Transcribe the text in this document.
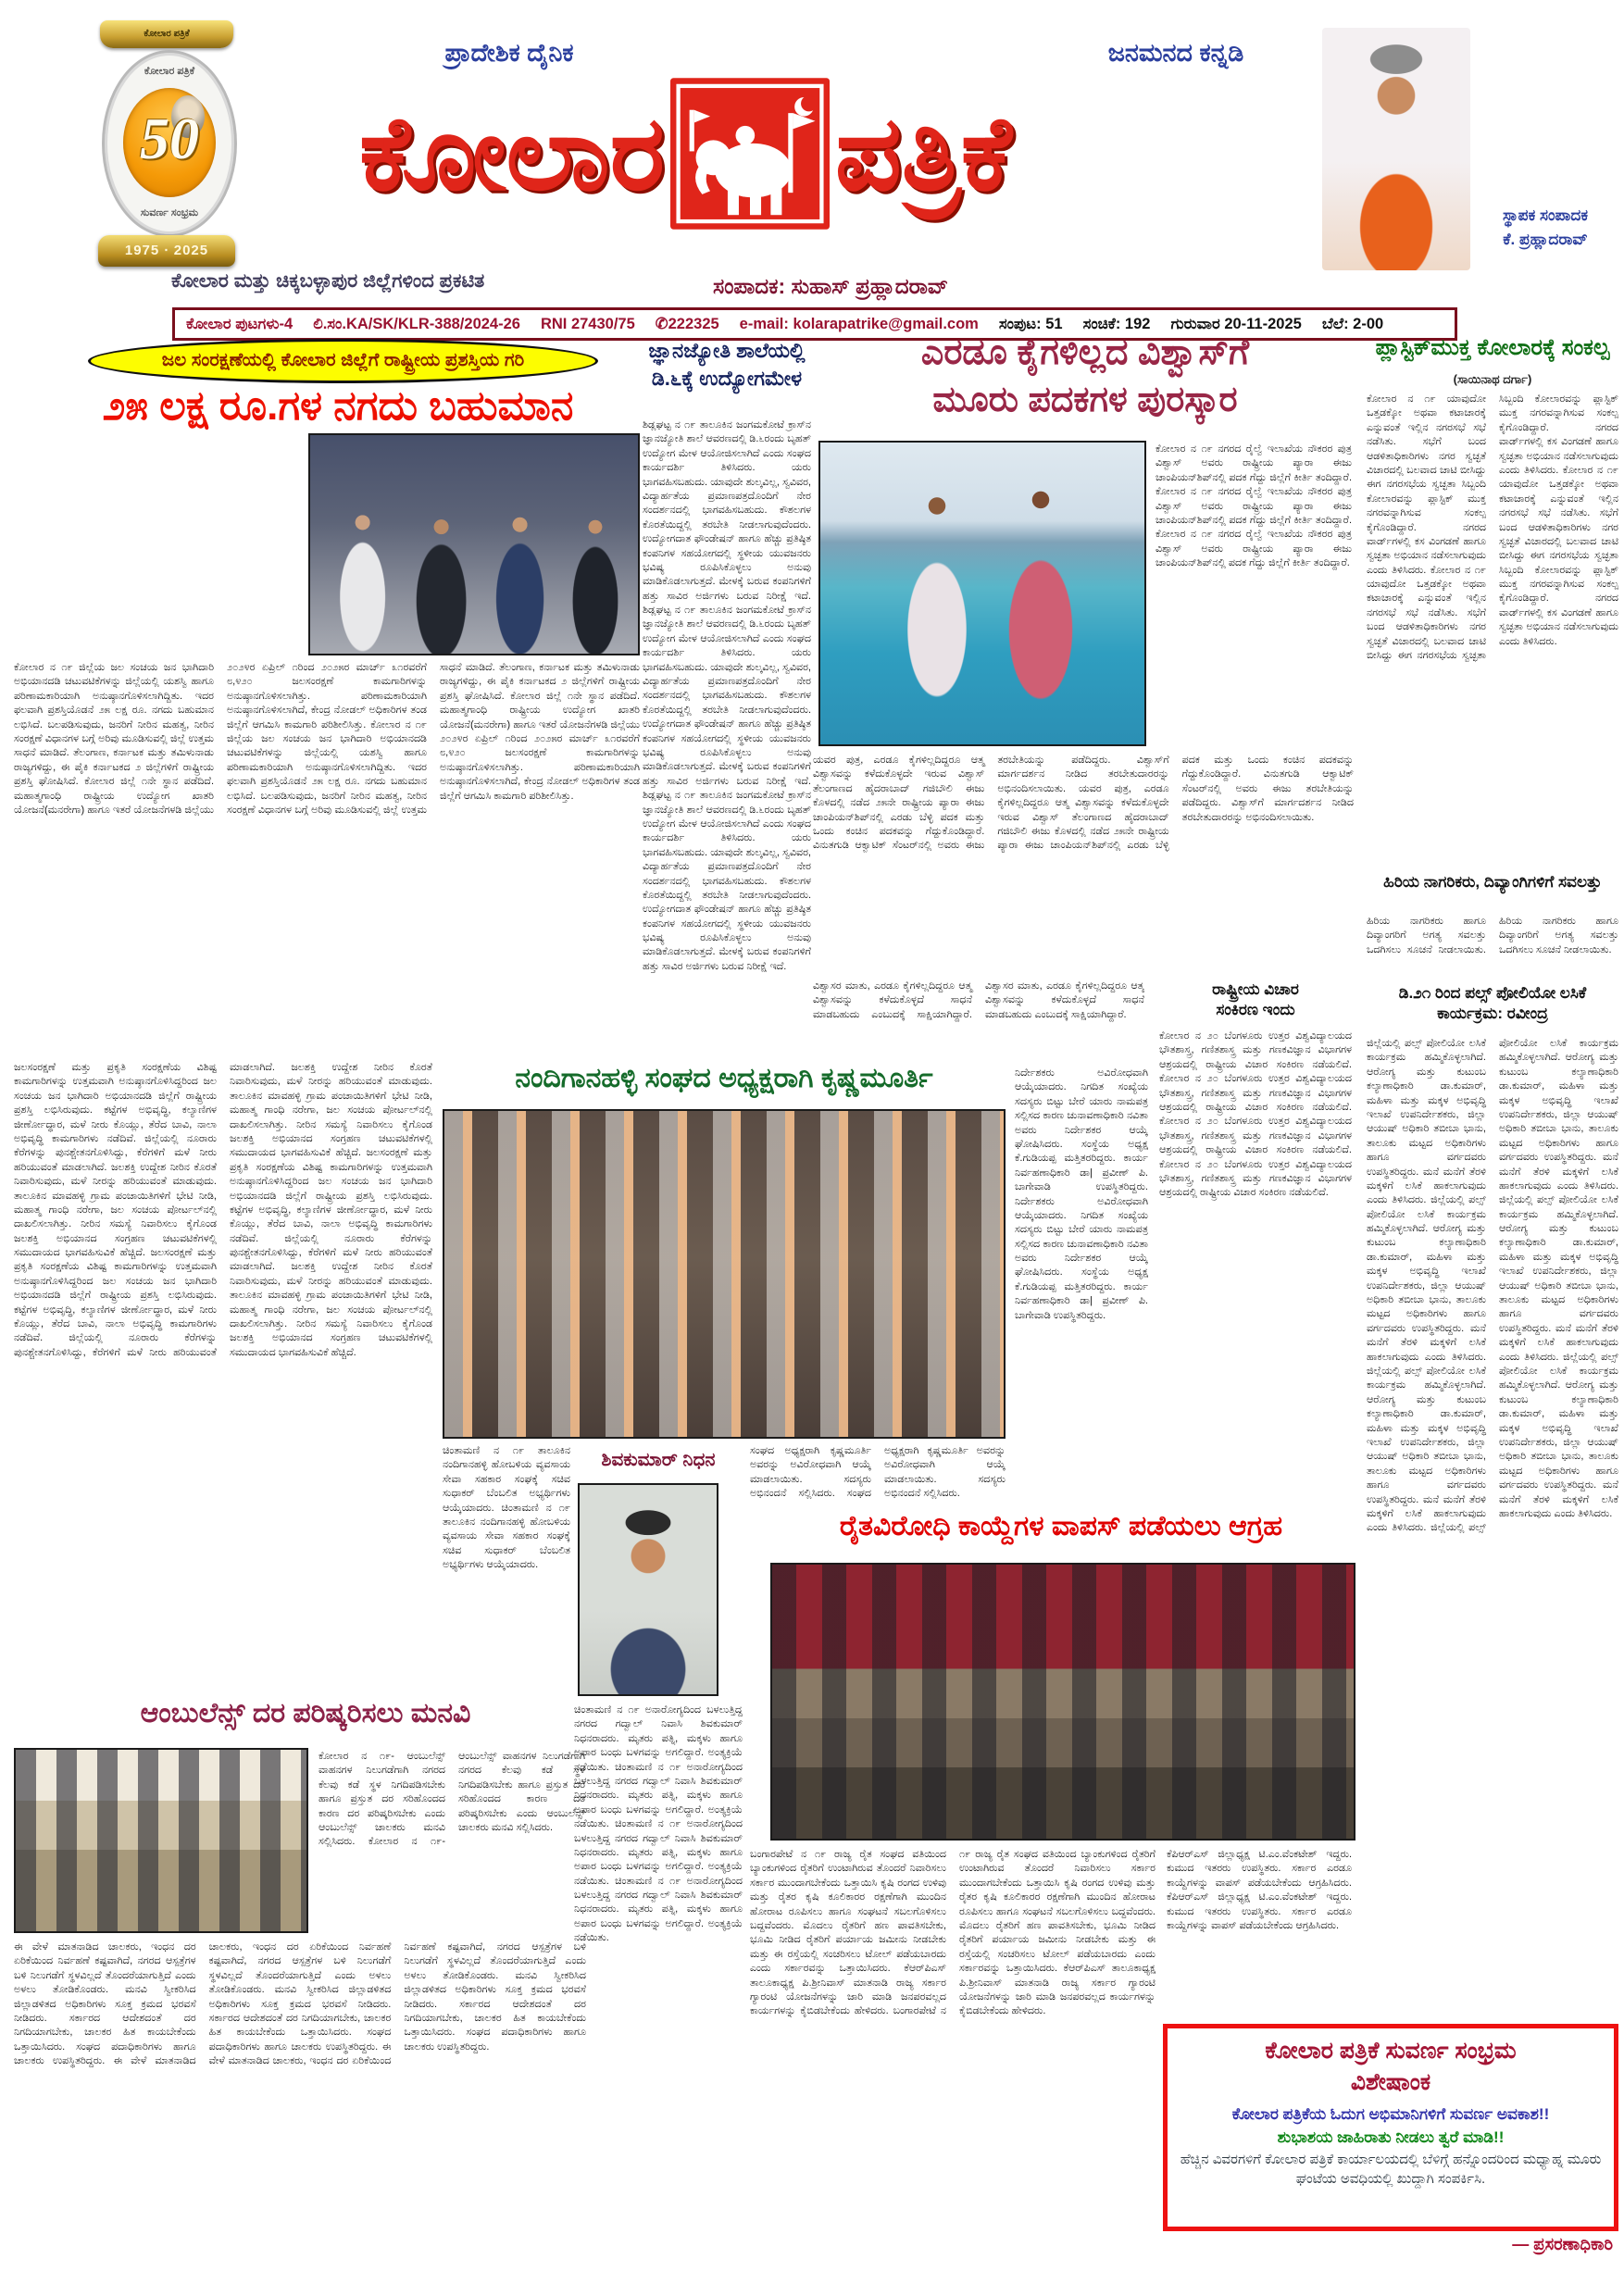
ಕೋಲಾರ ಪತ್ರಿಕೆ
ಕೋಲಾರ ಪತ್ರಿಕೆ
50
ಸುವರ್ಣ ಸಂಭ್ರಮ
1975 ∙ 2025
ಪ್ರಾದೇಶಿಕ ದೈನಿಕ	ಜನಮನದ ಕನ್ನಡಿ
ಕೋಲಾರ ಪತ್ರಿಕೆ
ಸ್ಥಾಪಕ ಸಂಪಾದಕ
ಕೆ. ಪ್ರಹ್ಲಾದರಾವ್
ಕೋಲಾರ ಮತ್ತು ಚಿಕ್ಕಬಳ್ಳಾಪುರ ಜಿಲ್ಲೆಗಳಿಂದ ಪ್ರಕಟಿತ	ಸಂಪಾದಕ: ಸುಹಾಸ್ ಪ್ರಹ್ಲಾದರಾವ್
ಕೋಲಾರ ಪುಟಗಳು-4 ಲಿ.ಸಂ.KA/SK/KLR-388/2024-26 RNI 27430/75 ✆222325 e-mail: kolarapatrike@gmail.com ಸಂಪುಟ: 51 ಸಂಚಿಕೆ: 192 ಗುರುವಾರ 20-11-2025 ಬೆಲೆ: 2-00
ಜಲ ಸಂರಕ್ಷಣೆಯಲ್ಲಿ ಕೋಲಾರ ಜಿಲ್ಲೆಗೆ ರಾಷ್ಟ್ರೀಯ ಪ್ರಶಸ್ತಿಯ ಗರಿ
೨೫ ಲಕ್ಷ ರೂ.ಗಳ ನಗದು ಬಹುಮಾನ
ಕೋಲಾರ ನ ೧೯ ಜಿಲ್ಲೆಯ ಜಲ ಸಂಚಯ ಜನ ಭಾಗಿದಾರಿ ಅಭಿಯಾನದಡಿ ಚಟುವಟಿಕೆಗಳನ್ನು ಜಿಲ್ಲೆಯಲ್ಲಿ ಯಶಸ್ವಿ ಹಾಗೂ ಪರಿಣಾಮಕಾರಿಯಾಗಿ ಅನುಷ್ಠಾನಗೊಳಿಸಲಾಗಿದ್ದಿತು. ಇದರ ಫಲವಾಗಿ ಪ್ರಶಸ್ತಿಯೊಡನೆ ೨೫ ಲಕ್ಷ ರೂ. ನಗದು ಬಹುಮಾನ ಲಭಿಸಿದೆ. ಬಲಪಡಿಸುವುದು, ಜನರಿಗೆ ನೀರಿನ ಮಹತ್ವ, ನೀರಿನ ಸಂರಕ್ಷಣೆ ವಿಧಾನಗಳ ಬಗ್ಗೆ ಅರಿವು ಮೂಡಿಸುವಲ್ಲಿ ಜಿಲ್ಲೆ ಉತ್ತಮ ಸಾಧನೆ ಮಾಡಿದೆ. ತೆಲಂಗಾಣ, ಕರ್ನಾಟಕ ಮತ್ತು ತಮಿಳುನಾಡು ರಾಜ್ಯಗಳಿದ್ದು, ಈ ಪೈಕಿ ಕರ್ನಾಟಕದ ೨ ಜಿಲ್ಲೆಗಳಿಗೆ ರಾಷ್ಟ್ರೀಯ ಪ್ರಶಸ್ತಿ ಘೋಷಿಸಿದೆ. ಕೋಲಾರ ಜಿಲ್ಲೆ ೧ನೇ ಸ್ಥಾನ ಪಡೆದಿದೆ. ಮಹಾತ್ಮಗಾಂಧಿ ರಾಷ್ಟ್ರೀಯ ಉದ್ಯೋಗ ಖಾತರಿ ಯೋಜನೆ(ಮನರೇಗಾ) ಹಾಗೂ ಇತರೆ ಯೋಜನೆಗಳಡಿ ಜಿಲ್ಲೆಯು ೨೦೨೪ರ ಏಪ್ರಿಲ್ ೧ರಿಂದ ೨೦೨೫ರ ಮಾರ್ಚ್ ೩೧ರವರೆಗೆ ೮,೪೨೦ ಜಲಸಂರಕ್ಷಣೆ ಕಾಮಗಾರಿಗಳನ್ನು ಅನುಷ್ಠಾನಗೊಳಿಸಲಾಗಿತ್ತು. ಪರಿಣಾಮಕಾರಿಯಾಗಿ ಅನುಷ್ಠಾನಗೊಳಿಸಲಾಗಿದೆ, ಕೇಂದ್ರ ನೋಡಲ್ ಅಧಿಕಾರಿಗಳ ತಂಡ ಜಿಲ್ಲೆಗೆ ಆಗಮಿಸಿ ಕಾಮಗಾರಿ ಪರಿಶೀಲಿಸಿತ್ತು. ಕೋಲಾರ ನ ೧೯ ಜಿಲ್ಲೆಯ ಜಲ ಸಂಚಯ ಜನ ಭಾಗಿದಾರಿ ಅಭಿಯಾನದಡಿ ಚಟುವಟಿಕೆಗಳನ್ನು ಜಿಲ್ಲೆಯಲ್ಲಿ ಯಶಸ್ವಿ ಹಾಗೂ ಪರಿಣಾಮಕಾರಿಯಾಗಿ ಅನುಷ್ಠಾನಗೊಳಿಸಲಾಗಿದ್ದಿತು. ಇದರ ಫಲವಾಗಿ ಪ್ರಶಸ್ತಿಯೊಡನೆ ೨೫ ಲಕ್ಷ ರೂ. ನಗದು ಬಹುಮಾನ ಲಭಿಸಿದೆ. ಬಲಪಡಿಸುವುದು, ಜನರಿಗೆ ನೀರಿನ ಮಹತ್ವ, ನೀರಿನ ಸಂರಕ್ಷಣೆ ವಿಧಾನಗಳ ಬಗ್ಗೆ ಅರಿವು ಮೂಡಿಸುವಲ್ಲಿ ಜಿಲ್ಲೆ ಉತ್ತಮ ಸಾಧನೆ ಮಾಡಿದೆ. ತೆಲಂಗಾಣ, ಕರ್ನಾಟಕ ಮತ್ತು ತಮಿಳುನಾಡು ರಾಜ್ಯಗಳಿದ್ದು, ಈ ಪೈಕಿ ಕರ್ನಾಟಕದ ೨ ಜಿಲ್ಲೆಗಳಿಗೆ ರಾಷ್ಟ್ರೀಯ ಪ್ರಶಸ್ತಿ ಘೋಷಿಸಿದೆ. ಕೋಲಾರ ಜಿಲ್ಲೆ ೧ನೇ ಸ್ಥಾನ ಪಡೆದಿದೆ. ಮಹಾತ್ಮಗಾಂಧಿ ರಾಷ್ಟ್ರೀಯ ಉದ್ಯೋಗ ಖಾತರಿ ಯೋಜನೆ(ಮನರೇಗಾ) ಹಾಗೂ ಇತರೆ ಯೋಜನೆಗಳಡಿ ಜಿಲ್ಲೆಯು ೨೦೨೪ರ ಏಪ್ರಿಲ್ ೧ರಿಂದ ೨೦೨೫ರ ಮಾರ್ಚ್ ೩೧ರವರೆಗೆ ೮,೪೨೦ ಜಲಸಂರಕ್ಷಣೆ ಕಾಮಗಾರಿಗಳನ್ನು ಅನುಷ್ಠಾನಗೊಳಿಸಲಾಗಿತ್ತು. ಪರಿಣಾಮಕಾರಿಯಾಗಿ ಅನುಷ್ಠಾನಗೊಳಿಸಲಾಗಿದೆ, ಕೇಂದ್ರ ನೋಡಲ್ ಅಧಿಕಾರಿಗಳ ತಂಡ ಜಿಲ್ಲೆಗೆ ಆಗಮಿಸಿ ಕಾಮಗಾರಿ ಪರಿಶೀಲಿಸಿತ್ತು.
ಜಲಸಂರಕ್ಷಣೆ ಮತ್ತು ಪ್ರಕೃತಿ ಸಂರಕ್ಷಣೆಯ ವಿಶಿಷ್ಟ ಕಾಮಗಾರಿಗಳನ್ನು ಉತ್ತಮವಾಗಿ ಅನುಷ್ಠಾನಗೊಳಿಸಿದ್ದರಿಂದ ಜಲ ಸಂಚಯ ಜನ ಭಾಗಿದಾರಿ ಅಭಿಯಾನದಡಿ ಜಿಲ್ಲೆಗೆ ರಾಷ್ಟ್ರೀಯ ಪ್ರಶಸ್ತಿ ಲಭಿಸಿರುವುದು. ಕಟ್ಟೆಗಳ ಅಭಿವೃದ್ಧಿ, ಕಲ್ಯಾಣಿಗಳ ಜೀರ್ಣೋದ್ಧಾರ, ಮಳೆ ನೀರು ಕೊಯ್ಲು, ತೆರೆದ ಬಾವಿ, ನಾಲಾ ಅಭಿವೃದ್ಧಿ ಕಾಮಗಾರಿಗಳು ನಡೆದಿವೆ. ಜಿಲ್ಲೆಯಲ್ಲಿ ನೂರಾರು ಕೆರೆಗಳನ್ನು ಪುನಶ್ಚೇತನಗೊಳಿಸಿದ್ದು, ಕೆರೆಗಳಿಗೆ ಮಳೆ ನೀರು ಹರಿಯುವಂತೆ ಮಾಡಲಾಗಿದೆ. ಜಲಶಕ್ತಿ ಉದ್ದೇಶ ನೀರಿನ ಕೊರತೆ ನಿವಾರಿಸುವುದು, ಮಳೆ ನೀರನ್ನು ಹರಿಯುವಂತೆ ಮಾಡುವುದು. ತಾಲೂಕಿನ ಮಾವಹಳ್ಳಿ ಗ್ರಾಮ ಪಂಚಾಯಿತಿಗಳಿಗೆ ಭೇಟಿ ನೀಡಿ, ಮಹಾತ್ಮ ಗಾಂಧಿ ನರೇಗಾ, ಜಲ ಸಂಚಯ ಪೋರ್ಟಲ್‌ನಲ್ಲಿ ದಾಖಲಿಸಲಾಗಿತ್ತು. ನೀರಿನ ಸಮಸ್ಯೆ ನಿವಾರಿಸಲು ಕೈಗೊಂಡ ಜಲಶಕ್ತಿ ಅಭಿಯಾನದ ಸಂಗ್ರಹಣ ಚಟುವಟಿಕೆಗಳಲ್ಲಿ ಸಮುದಾಯದ ಭಾಗವಹಿಸುವಿಕೆ ಹೆಚ್ಚಿದೆ. ಜಲಸಂರಕ್ಷಣೆ ಮತ್ತು ಪ್ರಕೃತಿ ಸಂರಕ್ಷಣೆಯ ವಿಶಿಷ್ಟ ಕಾಮಗಾರಿಗಳನ್ನು ಉತ್ತಮವಾಗಿ ಅನುಷ್ಠಾನಗೊಳಿಸಿದ್ದರಿಂದ ಜಲ ಸಂಚಯ ಜನ ಭಾಗಿದಾರಿ ಅಭಿಯಾನದಡಿ ಜಿಲ್ಲೆಗೆ ರಾಷ್ಟ್ರೀಯ ಪ್ರಶಸ್ತಿ ಲಭಿಸಿರುವುದು. ಕಟ್ಟೆಗಳ ಅಭಿವೃದ್ಧಿ, ಕಲ್ಯಾಣಿಗಳ ಜೀರ್ಣೋದ್ಧಾರ, ಮಳೆ ನೀರು ಕೊಯ್ಲು, ತೆರೆದ ಬಾವಿ, ನಾಲಾ ಅಭಿವೃದ್ಧಿ ಕಾಮಗಾರಿಗಳು ನಡೆದಿವೆ. ಜಿಲ್ಲೆಯಲ್ಲಿ ನೂರಾರು ಕೆರೆಗಳನ್ನು ಪುನಶ್ಚೇತನಗೊಳಿಸಿದ್ದು, ಕೆರೆಗಳಿಗೆ ಮಳೆ ನೀರು ಹರಿಯುವಂತೆ ಮಾಡಲಾಗಿದೆ. ಜಲಶಕ್ತಿ ಉದ್ದೇಶ ನೀರಿನ ಕೊರತೆ ನಿವಾರಿಸುವುದು, ಮಳೆ ನೀರನ್ನು ಹರಿಯುವಂತೆ ಮಾಡುವುದು. ತಾಲೂಕಿನ ಮಾವಹಳ್ಳಿ ಗ್ರಾಮ ಪಂಚಾಯಿತಿಗಳಿಗೆ ಭೇಟಿ ನೀಡಿ, ಮಹಾತ್ಮ ಗಾಂಧಿ ನರೇಗಾ, ಜಲ ಸಂಚಯ ಪೋರ್ಟಲ್‌ನಲ್ಲಿ ದಾಖಲಿಸಲಾಗಿತ್ತು. ನೀರಿನ ಸಮಸ್ಯೆ ನಿವಾರಿಸಲು ಕೈಗೊಂಡ ಜಲಶಕ್ತಿ ಅಭಿಯಾನದ ಸಂಗ್ರಹಣ ಚಟುವಟಿಕೆಗಳಲ್ಲಿ ಸಮುದಾಯದ ಭಾಗವಹಿಸುವಿಕೆ ಹೆಚ್ಚಿದೆ. ಜಲಸಂರಕ್ಷಣೆ ಮತ್ತು ಪ್ರಕೃತಿ ಸಂರಕ್ಷಣೆಯ ವಿಶಿಷ್ಟ ಕಾಮಗಾರಿಗಳನ್ನು ಉತ್ತಮವಾಗಿ ಅನುಷ್ಠಾನಗೊಳಿಸಿದ್ದರಿಂದ ಜಲ ಸಂಚಯ ಜನ ಭಾಗಿದಾರಿ ಅಭಿಯಾನದಡಿ ಜಿಲ್ಲೆಗೆ ರಾಷ್ಟ್ರೀಯ ಪ್ರಶಸ್ತಿ ಲಭಿಸಿರುವುದು. ಕಟ್ಟೆಗಳ ಅಭಿವೃದ್ಧಿ, ಕಲ್ಯಾಣಿಗಳ ಜೀರ್ಣೋದ್ಧಾರ, ಮಳೆ ನೀರು ಕೊಯ್ಲು, ತೆರೆದ ಬಾವಿ, ನಾಲಾ ಅಭಿವೃದ್ಧಿ ಕಾಮಗಾರಿಗಳು ನಡೆದಿವೆ. ಜಿಲ್ಲೆಯಲ್ಲಿ ನೂರಾರು ಕೆರೆಗಳನ್ನು ಪುನಶ್ಚೇತನಗೊಳಿಸಿದ್ದು, ಕೆರೆಗಳಿಗೆ ಮಳೆ ನೀರು ಹರಿಯುವಂತೆ ಮಾಡಲಾಗಿದೆ. ಜಲಶಕ್ತಿ ಉದ್ದೇಶ ನೀರಿನ ಕೊರತೆ ನಿವಾರಿಸುವುದು, ಮಳೆ ನೀರನ್ನು ಹರಿಯುವಂತೆ ಮಾಡುವುದು. ತಾಲೂಕಿನ ಮಾವಹಳ್ಳಿ ಗ್ರಾಮ ಪಂಚಾಯಿತಿಗಳಿಗೆ ಭೇಟಿ ನೀಡಿ, ಮಹಾತ್ಮ ಗಾಂಧಿ ನರೇಗಾ, ಜಲ ಸಂಚಯ ಪೋರ್ಟಲ್‌ನಲ್ಲಿ ದಾಖಲಿಸಲಾಗಿತ್ತು. ನೀರಿನ ಸಮಸ್ಯೆ ನಿವಾರಿಸಲು ಕೈಗೊಂಡ ಜಲಶಕ್ತಿ ಅಭಿಯಾನದ ಸಂಗ್ರಹಣ ಚಟುವಟಿಕೆಗಳಲ್ಲಿ ಸಮುದಾಯದ ಭಾಗವಹಿಸುವಿಕೆ ಹೆಚ್ಚಿದೆ.
ಜ್ಞಾನಜ್ಯೋತಿ ಶಾಲೆಯಲ್ಲಿ ಡಿ.೬ಕ್ಕೆ ಉದ್ಯೋಗಮೇಳ
ಶಿಡ್ಲಘಟ್ಟ ನ ೧೯ ತಾಲೂಕಿನ ಜಂಗಮಕೋಟೆ ಕ್ರಾಸ್‌ನ ಜ್ಞಾನಜ್ಯೋತಿ ಶಾಲೆ ಆವರಣದಲ್ಲಿ ಡಿ.೬ರಂದು ಬೃಹತ್ ಉದ್ಯೋಗ ಮೇಳ ಆಯೋಜಿಸಲಾಗಿದೆ ಎಂದು ಸಂಘದ ಕಾರ್ಯದರ್ಶಿ ತಿಳಿಸಿದರು. ಯರು ಭಾಗವಹಿಸಬಹುದು. ಯಾವುದೇ ಶುಲ್ಕವಿಲ್ಲ, ಸ್ವವಿವರ, ವಿದ್ಯಾರ್ಹತೆಯ ಪ್ರಮಾಣಪತ್ರದೊಂದಿಗೆ ನೇರ ಸಂದರ್ಶನದಲ್ಲಿ ಭಾಗವಹಿಸಬಹುದು. ಕೌಶಲಗಳ ಕೊರತೆಯಿದ್ದಲ್ಲಿ ತರಬೇತಿ ನೀಡಲಾಗುವುದೆಂದರು. ಉದ್ಯೋಗದಾತ ಫೌಂಡೇಷನ್ ಹಾಗೂ ಹೆಚ್ಚು ಪ್ರತಿಷ್ಠಿತ ಕಂಪನಿಗಳ ಸಹಯೋಗದಲ್ಲಿ ಸ್ಥಳೀಯ ಯುವಜನರು ಭವಿಷ್ಯ ರೂಪಿಸಿಕೊಳ್ಳಲು ಅನುವು ಮಾಡಿಕೊಡಲಾಗುತ್ತದೆ. ಮೇಳಕ್ಕೆ ಬರುವ ಕಂಪನಿಗಳಿಗೆ ಹತ್ತು ಸಾವಿರ ಅರ್ಜಿಗಳು ಬರುವ ನಿರೀಕ್ಷೆ ಇದೆ. ಶಿಡ್ಲಘಟ್ಟ ನ ೧೯ ತಾಲೂಕಿನ ಜಂಗಮಕೋಟೆ ಕ್ರಾಸ್‌ನ ಜ್ಞಾನಜ್ಯೋತಿ ಶಾಲೆ ಆವರಣದಲ್ಲಿ ಡಿ.೬ರಂದು ಬೃಹತ್ ಉದ್ಯೋಗ ಮೇಳ ಆಯೋಜಿಸಲಾಗಿದೆ ಎಂದು ಸಂಘದ ಕಾರ್ಯದರ್ಶಿ ತಿಳಿಸಿದರು. ಯರು ಭಾಗವಹಿಸಬಹುದು. ಯಾವುದೇ ಶುಲ್ಕವಿಲ್ಲ, ಸ್ವವಿವರ, ವಿದ್ಯಾರ್ಹತೆಯ ಪ್ರಮಾಣಪತ್ರದೊಂದಿಗೆ ನೇರ ಸಂದರ್ಶನದಲ್ಲಿ ಭಾಗವಹಿಸಬಹುದು. ಕೌಶಲಗಳ ಕೊರತೆಯಿದ್ದಲ್ಲಿ ತರಬೇತಿ ನೀಡಲಾಗುವುದೆಂದರು. ಉದ್ಯೋಗದಾತ ಫೌಂಡೇಷನ್ ಹಾಗೂ ಹೆಚ್ಚು ಪ್ರತಿಷ್ಠಿತ ಕಂಪನಿಗಳ ಸಹಯೋಗದಲ್ಲಿ ಸ್ಥಳೀಯ ಯುವಜನರು ಭವಿಷ್ಯ ರೂಪಿಸಿಕೊಳ್ಳಲು ಅನುವು ಮಾಡಿಕೊಡಲಾಗುತ್ತದೆ. ಮೇಳಕ್ಕೆ ಬರುವ ಕಂಪನಿಗಳಿಗೆ ಹತ್ತು ಸಾವಿರ ಅರ್ಜಿಗಳು ಬರುವ ನಿರೀಕ್ಷೆ ಇದೆ. ಶಿಡ್ಲಘಟ್ಟ ನ ೧೯ ತಾಲೂಕಿನ ಜಂಗಮಕೋಟೆ ಕ್ರಾಸ್‌ನ ಜ್ಞಾನಜ್ಯೋತಿ ಶಾಲೆ ಆವರಣದಲ್ಲಿ ಡಿ.೬ರಂದು ಬೃಹತ್ ಉದ್ಯೋಗ ಮೇಳ ಆಯೋಜಿಸಲಾಗಿದೆ ಎಂದು ಸಂಘದ ಕಾರ್ಯದರ್ಶಿ ತಿಳಿಸಿದರು. ಯರು ಭಾಗವಹಿಸಬಹುದು. ಯಾವುದೇ ಶುಲ್ಕವಿಲ್ಲ, ಸ್ವವಿವರ, ವಿದ್ಯಾರ್ಹತೆಯ ಪ್ರಮಾಣಪತ್ರದೊಂದಿಗೆ ನೇರ ಸಂದರ್ಶನದಲ್ಲಿ ಭಾಗವಹಿಸಬಹುದು. ಕೌಶಲಗಳ ಕೊರತೆಯಿದ್ದಲ್ಲಿ ತರಬೇತಿ ನೀಡಲಾಗುವುದೆಂದರು. ಉದ್ಯೋಗದಾತ ಫೌಂಡೇಷನ್ ಹಾಗೂ ಹೆಚ್ಚು ಪ್ರತಿಷ್ಠಿತ ಕಂಪನಿಗಳ ಸಹಯೋಗದಲ್ಲಿ ಸ್ಥಳೀಯ ಯುವಜನರು ಭವಿಷ್ಯ ರೂಪಿಸಿಕೊಳ್ಳಲು ಅನುವು ಮಾಡಿಕೊಡಲಾಗುತ್ತದೆ. ಮೇಳಕ್ಕೆ ಬರುವ ಕಂಪನಿಗಳಿಗೆ ಹತ್ತು ಸಾವಿರ ಅರ್ಜಿಗಳು ಬರುವ ನಿರೀಕ್ಷೆ ಇದೆ.
ಎರಡೂ ಕೈಗಳಿಲ್ಲದ ವಿಶ್ವಾಸ್‌ಗೆ
ಮೂರು ಪದಕಗಳ ಪುರಸ್ಕಾರ
ಕೋಲಾರ ನ ೧೯ ನಗರದ ರೈಲ್ವೆ ಇಲಾಖೆಯ ನೌಕರರ ಪುತ್ರ ವಿಶ್ವಾಸ್ ಅವರು ರಾಷ್ಟ್ರೀಯ ಪ್ಯಾರಾ ಈಜು ಚಾಂಪಿಯನ್‌ಶಿಪ್‌ನಲ್ಲಿ ಪದಕ ಗೆದ್ದು ಜಿಲ್ಲೆಗೆ ಕೀರ್ತಿ ತಂದಿದ್ದಾರೆ. ಕೋಲಾರ ನ ೧೯ ನಗರದ ರೈಲ್ವೆ ಇಲಾಖೆಯ ನೌಕರರ ಪುತ್ರ ವಿಶ್ವಾಸ್ ಅವರು ರಾಷ್ಟ್ರೀಯ ಪ್ಯಾರಾ ಈಜು ಚಾಂಪಿಯನ್‌ಶಿಪ್‌ನಲ್ಲಿ ಪದಕ ಗೆದ್ದು ಜಿಲ್ಲೆಗೆ ಕೀರ್ತಿ ತಂದಿದ್ದಾರೆ. ಕೋಲಾರ ನ ೧೯ ನಗರದ ರೈಲ್ವೆ ಇಲಾಖೆಯ ನೌಕರರ ಪುತ್ರ ವಿಶ್ವಾಸ್ ಅವರು ರಾಷ್ಟ್ರೀಯ ಪ್ಯಾರಾ ಈಜು ಚಾಂಪಿಯನ್‌ಶಿಪ್‌ನಲ್ಲಿ ಪದಕ ಗೆದ್ದು ಜಿಲ್ಲೆಗೆ ಕೀರ್ತಿ ತಂದಿದ್ದಾರೆ.
ಯವರ ಪುತ್ರ, ಎರಡೂ ಕೈಗಳಿಲ್ಲದಿದ್ದರೂ ಆತ್ಮ ವಿಶ್ವಾಸವನ್ನು ಕಳೆದುಕೊಳ್ಳದೇ ಇರುವ ವಿಶ್ವಾಸ್ ತೆಲಂಗಾಣದ ಹೈದರಾಬಾದ್ ಗಜಿಬೌಲಿ ಈಜು ಕೊಳದಲ್ಲಿ ನಡೆದ ೨೫ನೇ ರಾಷ್ಟ್ರೀಯ ಪ್ಯಾರಾ ಈಜು ಚಾಂಪಿಯನ್‌ಶಿಪ್‌ನಲ್ಲಿ ಎರಡು ಬೆಳ್ಳಿ ಪದಕ ಮತ್ತು ಒಂದು ಕಂಚಿನ ಪದಕವನ್ನು ಗೆದ್ದುಕೊಂಡಿದ್ದಾರೆ. ವಿನುತಗುಡಿ ಆಕ್ವಾಟಿಕ್ ಸೆಂಟರ್‌ನಲ್ಲಿ ಅವರು ಈಜು ತರಬೇತಿಯನ್ನು ಪಡೆದಿದ್ದರು. ವಿಶ್ವಾಸ್‌ಗೆ ಮಾರ್ಗದರ್ಶನ ನೀಡಿದ ತರಬೇತುದಾರರನ್ನು ಅಭಿನಂದಿಸಲಾಯಿತು. ಯವರ ಪುತ್ರ, ಎರಡೂ ಕೈಗಳಿಲ್ಲದಿದ್ದರೂ ಆತ್ಮ ವಿಶ್ವಾಸವನ್ನು ಕಳೆದುಕೊಳ್ಳದೇ ಇರುವ ವಿಶ್ವಾಸ್ ತೆಲಂಗಾಣದ ಹೈದರಾಬಾದ್ ಗಜಿಬೌಲಿ ಈಜು ಕೊಳದಲ್ಲಿ ನಡೆದ ೨೫ನೇ ರಾಷ್ಟ್ರೀಯ ಪ್ಯಾರಾ ಈಜು ಚಾಂಪಿಯನ್‌ಶಿಪ್‌ನಲ್ಲಿ ಎರಡು ಬೆಳ್ಳಿ ಪದಕ ಮತ್ತು ಒಂದು ಕಂಚಿನ ಪದಕವನ್ನು ಗೆದ್ದುಕೊಂಡಿದ್ದಾರೆ. ವಿನುತಗುಡಿ ಆಕ್ವಾಟಿಕ್ ಸೆಂಟರ್‌ನಲ್ಲಿ ಅವರು ಈಜು ತರಬೇತಿಯನ್ನು ಪಡೆದಿದ್ದರು. ವಿಶ್ವಾಸ್‌ಗೆ ಮಾರ್ಗದರ್ಶನ ನೀಡಿದ ತರಬೇತುದಾರರನ್ನು ಅಭಿನಂದಿಸಲಾಯಿತು.
ವಿಶ್ವಾಸರ ಮಾತು, ಎರಡೂ ಕೈಗಳಿಲ್ಲದಿದ್ದರೂ ಆತ್ಮ ವಿಶ್ವಾಸವನ್ನು ಕಳೆದುಕೊಳ್ಳದೆ ಸಾಧನೆ ಮಾಡಬಹುದು ಎಂಬುದಕ್ಕೆ ಸಾಕ್ಷಿಯಾಗಿದ್ದಾರೆ. ವಿಶ್ವಾಸರ ಮಾತು, ಎರಡೂ ಕೈಗಳಿಲ್ಲದಿದ್ದರೂ ಆತ್ಮ ವಿಶ್ವಾಸವನ್ನು ಕಳೆದುಕೊಳ್ಳದೆ ಸಾಧನೆ ಮಾಡಬಹುದು ಎಂಬುದಕ್ಕೆ ಸಾಕ್ಷಿಯಾಗಿದ್ದಾರೆ.
ರಾಷ್ಟ್ರೀಯ ವಿಚಾರ
ಸಂಕಿರಣ ಇಂದು
ಕೋಲಾರ ನ ೨೦ ಬೆಂಗಳೂರು ಉತ್ತರ ವಿಶ್ವವಿದ್ಯಾಲಯದ ಭೌತಶಾಸ್ತ್ರ, ಗಣಿತಶಾಸ್ತ್ರ ಮತ್ತು ಗಣಕವಿಜ್ಞಾನ ವಿಭಾಗಗಳ ಆಶ್ರಯದಲ್ಲಿ ರಾಷ್ಟ್ರೀಯ ವಿಚಾರ ಸಂಕಿರಣ ನಡೆಯಲಿದೆ. ಕೋಲಾರ ನ ೨೦ ಬೆಂಗಳೂರು ಉತ್ತರ ವಿಶ್ವವಿದ್ಯಾಲಯದ ಭೌತಶಾಸ್ತ್ರ, ಗಣಿತಶಾಸ್ತ್ರ ಮತ್ತು ಗಣಕವಿಜ್ಞಾನ ವಿಭಾಗಗಳ ಆಶ್ರಯದಲ್ಲಿ ರಾಷ್ಟ್ರೀಯ ವಿಚಾರ ಸಂಕಿರಣ ನಡೆಯಲಿದೆ. ಕೋಲಾರ ನ ೨೦ ಬೆಂಗಳೂರು ಉತ್ತರ ವಿಶ್ವವಿದ್ಯಾಲಯದ ಭೌತಶಾಸ್ತ್ರ, ಗಣಿತಶಾಸ್ತ್ರ ಮತ್ತು ಗಣಕವಿಜ್ಞಾನ ವಿಭಾಗಗಳ ಆಶ್ರಯದಲ್ಲಿ ರಾಷ್ಟ್ರೀಯ ವಿಚಾರ ಸಂಕಿರಣ ನಡೆಯಲಿದೆ. ಕೋಲಾರ ನ ೨೦ ಬೆಂಗಳೂರು ಉತ್ತರ ವಿಶ್ವವಿದ್ಯಾಲಯದ ಭೌತಶಾಸ್ತ್ರ, ಗಣಿತಶಾಸ್ತ್ರ ಮತ್ತು ಗಣಕವಿಜ್ಞಾನ ವಿಭಾಗಗಳ ಆಶ್ರಯದಲ್ಲಿ ರಾಷ್ಟ್ರೀಯ ವಿಚಾರ ಸಂಕಿರಣ ನಡೆಯಲಿದೆ.
ಪ್ಲಾಸ್ಟಿಕ್‌ಮುಕ್ತ ಕೋಲಾರಕ್ಕೆ ಸಂಕಲ್ಪ
(ಸಾಯಿನಾಥ ದರ್ಗಾ)
ಕೋಲಾರ ನ ೧೯ ಯಾವುದೋ ಒತ್ತಡಕ್ಕೋ ಅಥವಾ ಕಟಾಚಾರಕ್ಕೆ ಎನ್ನುವಂತೆ ಇಲ್ಲಿನ ನಗರಸಭೆ ಸಭೆ ನಡೆಸಿತು. ಸಭೆಗೆ ಬಂದ ಆಡಳಿತಾಧಿಕಾರಿಗಳು ನಗರ ಸ್ವಚ್ಛತೆ ವಿಚಾರದಲ್ಲಿ ಬಲವಾದ ಚಾಟಿ ಬೀಸಿದ್ದು ಈಗ ನಗರಸಭೆಯ ಸ್ವಚ್ಛತಾ ಸಿಬ್ಬಂದಿ ಕೋಲಾರವನ್ನು ಪ್ಲಾಸ್ಟಿಕ್ ಮುಕ್ತ ನಗರವನ್ನಾಗಿಸುವ ಸಂಕಲ್ಪ ಕೈಗೊಂಡಿದ್ದಾರೆ. ನಗರದ ವಾರ್ಡ್‌ಗಳಲ್ಲಿ ಕಸ ವಿಂಗಡಣೆ ಹಾಗೂ ಸ್ವಚ್ಛತಾ ಅಭಿಯಾನ ನಡೆಸಲಾಗುವುದು ಎಂದು ತಿಳಿಸಿದರು. ಕೋಲಾರ ನ ೧೯ ಯಾವುದೋ ಒತ್ತಡಕ್ಕೋ ಅಥವಾ ಕಟಾಚಾರಕ್ಕೆ ಎನ್ನುವಂತೆ ಇಲ್ಲಿನ ನಗರಸಭೆ ಸಭೆ ನಡೆಸಿತು. ಸಭೆಗೆ ಬಂದ ಆಡಳಿತಾಧಿಕಾರಿಗಳು ನಗರ ಸ್ವಚ್ಛತೆ ವಿಚಾರದಲ್ಲಿ ಬಲವಾದ ಚಾಟಿ ಬೀಸಿದ್ದು ಈಗ ನಗರಸಭೆಯ ಸ್ವಚ್ಛತಾ ಸಿಬ್ಬಂದಿ ಕೋಲಾರವನ್ನು ಪ್ಲಾಸ್ಟಿಕ್ ಮುಕ್ತ ನಗರವನ್ನಾಗಿಸುವ ಸಂಕಲ್ಪ ಕೈಗೊಂಡಿದ್ದಾರೆ. ನಗರದ ವಾರ್ಡ್‌ಗಳಲ್ಲಿ ಕಸ ವಿಂಗಡಣೆ ಹಾಗೂ ಸ್ವಚ್ಛತಾ ಅಭಿಯಾನ ನಡೆಸಲಾಗುವುದು ಎಂದು ತಿಳಿಸಿದರು. ಕೋಲಾರ ನ ೧೯ ಯಾವುದೋ ಒತ್ತಡಕ್ಕೋ ಅಥವಾ ಕಟಾಚಾರಕ್ಕೆ ಎನ್ನುವಂತೆ ಇಲ್ಲಿನ ನಗರಸಭೆ ಸಭೆ ನಡೆಸಿತು. ಸಭೆಗೆ ಬಂದ ಆಡಳಿತಾಧಿಕಾರಿಗಳು ನಗರ ಸ್ವಚ್ಛತೆ ವಿಚಾರದಲ್ಲಿ ಬಲವಾದ ಚಾಟಿ ಬೀಸಿದ್ದು ಈಗ ನಗರಸಭೆಯ ಸ್ವಚ್ಛತಾ ಸಿಬ್ಬಂದಿ ಕೋಲಾರವನ್ನು ಪ್ಲಾಸ್ಟಿಕ್ ಮುಕ್ತ ನಗರವನ್ನಾಗಿಸುವ ಸಂಕಲ್ಪ ಕೈಗೊಂಡಿದ್ದಾರೆ. ನಗರದ ವಾರ್ಡ್‌ಗಳಲ್ಲಿ ಕಸ ವಿಂಗಡಣೆ ಹಾಗೂ ಸ್ವಚ್ಛತಾ ಅಭಿಯಾನ ನಡೆಸಲಾಗುವುದು ಎಂದು ತಿಳಿಸಿದರು.
ಹಿರಿಯ ನಾಗರಿಕರು, ದಿವ್ಯಾಂಗಿಗಳಿಗೆ ಸವಲತ್ತು
ಹಿರಿಯ ನಾಗರಿಕರು ಹಾಗೂ ದಿವ್ಯಾಂಗರಿಗೆ ಅಗತ್ಯ ಸವಲತ್ತು ಒದಗಿಸಲು ಸೂಚನೆ ನೀಡಲಾಯಿತು. ಹಿರಿಯ ನಾಗರಿಕರು ಹಾಗೂ ದಿವ್ಯಾಂಗರಿಗೆ ಅಗತ್ಯ ಸವಲತ್ತು ಒದಗಿಸಲು ಸೂಚನೆ ನೀಡಲಾಯಿತು.
ಡಿ.೨೧ ರಿಂದ ಪಲ್ಸ್ ಪೋಲಿಯೋ ಲಸಿಕೆ ಕಾರ್ಯಕ್ರಮ: ರವೀಂದ್ರ
ಜಿಲ್ಲೆಯಲ್ಲಿ ಪಲ್ಸ್ ಪೋಲಿಯೋ ಲಸಿಕೆ ಕಾರ್ಯಕ್ರಮ ಹಮ್ಮಿಕೊಳ್ಳಲಾಗಿದೆ. ಆರೋಗ್ಯ ಮತ್ತು ಕುಟುಂಬ ಕಲ್ಯಾಣಾಧಿಕಾರಿ ಡಾ.ಕುಮಾರ್, ಮಹಿಳಾ ಮತ್ತು ಮಕ್ಕಳ ಅಭಿವೃದ್ಧಿ ಇಲಾಖೆ ಉಪನಿರ್ದೇಶಕರು, ಜಿಲ್ಲಾ ಆಯುಷ್ ಅಧಿಕಾರಿ ತಬೀಬಾ ಭಾನು, ತಾಲೂಕು ಮಟ್ಟದ ಅಧಿಕಾರಿಗಳು ಹಾಗೂ ವರ್ಗದವರು ಉಪಸ್ಥಿತರಿದ್ದರು. ಮನೆ ಮನೆಗೆ ತೆರಳಿ ಮಕ್ಕಳಿಗೆ ಲಸಿಕೆ ಹಾಕಲಾಗುವುದು ಎಂದು ತಿಳಿಸಿದರು. ಜಿಲ್ಲೆಯಲ್ಲಿ ಪಲ್ಸ್ ಪೋಲಿಯೋ ಲಸಿಕೆ ಕಾರ್ಯಕ್ರಮ ಹಮ್ಮಿಕೊಳ್ಳಲಾಗಿದೆ. ಆರೋಗ್ಯ ಮತ್ತು ಕುಟುಂಬ ಕಲ್ಯಾಣಾಧಿಕಾರಿ ಡಾ.ಕುಮಾರ್, ಮಹಿಳಾ ಮತ್ತು ಮಕ್ಕಳ ಅಭಿವೃದ್ಧಿ ಇಲಾಖೆ ಉಪನಿರ್ದೇಶಕರು, ಜಿಲ್ಲಾ ಆಯುಷ್ ಅಧಿಕಾರಿ ತಬೀಬಾ ಭಾನು, ತಾಲೂಕು ಮಟ್ಟದ ಅಧಿಕಾರಿಗಳು ಹಾಗೂ ವರ್ಗದವರು ಉಪಸ್ಥಿತರಿದ್ದರು. ಮನೆ ಮನೆಗೆ ತೆರಳಿ ಮಕ್ಕಳಿಗೆ ಲಸಿಕೆ ಹಾಕಲಾಗುವುದು ಎಂದು ತಿಳಿಸಿದರು. ಜಿಲ್ಲೆಯಲ್ಲಿ ಪಲ್ಸ್ ಪೋಲಿಯೋ ಲಸಿಕೆ ಕಾರ್ಯಕ್ರಮ ಹಮ್ಮಿಕೊಳ್ಳಲಾಗಿದೆ. ಆರೋಗ್ಯ ಮತ್ತು ಕುಟುಂಬ ಕಲ್ಯಾಣಾಧಿಕಾರಿ ಡಾ.ಕುಮಾರ್, ಮಹಿಳಾ ಮತ್ತು ಮಕ್ಕಳ ಅಭಿವೃದ್ಧಿ ಇಲಾಖೆ ಉಪನಿರ್ದೇಶಕರು, ಜಿಲ್ಲಾ ಆಯುಷ್ ಅಧಿಕಾರಿ ತಬೀಬಾ ಭಾನು, ತಾಲೂಕು ಮಟ್ಟದ ಅಧಿಕಾರಿಗಳು ಹಾಗೂ ವರ್ಗದವರು ಉಪಸ್ಥಿತರಿದ್ದರು. ಮನೆ ಮನೆಗೆ ತೆರಳಿ ಮಕ್ಕಳಿಗೆ ಲಸಿಕೆ ಹಾಕಲಾಗುವುದು ಎಂದು ತಿಳಿಸಿದರು. ಜಿಲ್ಲೆಯಲ್ಲಿ ಪಲ್ಸ್ ಪೋಲಿಯೋ ಲಸಿಕೆ ಕಾರ್ಯಕ್ರಮ ಹಮ್ಮಿಕೊಳ್ಳಲಾಗಿದೆ. ಆರೋಗ್ಯ ಮತ್ತು ಕುಟುಂಬ ಕಲ್ಯಾಣಾಧಿಕಾರಿ ಡಾ.ಕುಮಾರ್, ಮಹಿಳಾ ಮತ್ತು ಮಕ್ಕಳ ಅಭಿವೃದ್ಧಿ ಇಲಾಖೆ ಉಪನಿರ್ದೇಶಕರು, ಜಿಲ್ಲಾ ಆಯುಷ್ ಅಧಿಕಾರಿ ತಬೀಬಾ ಭಾನು, ತಾಲೂಕು ಮಟ್ಟದ ಅಧಿಕಾರಿಗಳು ಹಾಗೂ ವರ್ಗದವರು ಉಪಸ್ಥಿತರಿದ್ದರು. ಮನೆ ಮನೆಗೆ ತೆರಳಿ ಮಕ್ಕಳಿಗೆ ಲಸಿಕೆ ಹಾಕಲಾಗುವುದು ಎಂದು ತಿಳಿಸಿದರು. ಜಿಲ್ಲೆಯಲ್ಲಿ ಪಲ್ಸ್ ಪೋಲಿಯೋ ಲಸಿಕೆ ಕಾರ್ಯಕ್ರಮ ಹಮ್ಮಿಕೊಳ್ಳಲಾಗಿದೆ. ಆರೋಗ್ಯ ಮತ್ತು ಕುಟುಂಬ ಕಲ್ಯಾಣಾಧಿಕಾರಿ ಡಾ.ಕುಮಾರ್, ಮಹಿಳಾ ಮತ್ತು ಮಕ್ಕಳ ಅಭಿವೃದ್ಧಿ ಇಲಾಖೆ ಉಪನಿರ್ದೇಶಕರು, ಜಿಲ್ಲಾ ಆಯುಷ್ ಅಧಿಕಾರಿ ತಬೀಬಾ ಭಾನು, ತಾಲೂಕು ಮಟ್ಟದ ಅಧಿಕಾರಿಗಳು ಹಾಗೂ ವರ್ಗದವರು ಉಪಸ್ಥಿತರಿದ್ದರು. ಮನೆ ಮನೆಗೆ ತೆರಳಿ ಮಕ್ಕಳಿಗೆ ಲಸಿಕೆ ಹಾಕಲಾಗುವುದು ಎಂದು ತಿಳಿಸಿದರು. ಜಿಲ್ಲೆಯಲ್ಲಿ ಪಲ್ಸ್ ಪೋಲಿಯೋ ಲಸಿಕೆ ಕಾರ್ಯಕ್ರಮ ಹಮ್ಮಿಕೊಳ್ಳಲಾಗಿದೆ. ಆರೋಗ್ಯ ಮತ್ತು ಕುಟುಂಬ ಕಲ್ಯಾಣಾಧಿಕಾರಿ ಡಾ.ಕುಮಾರ್, ಮಹಿಳಾ ಮತ್ತು ಮಕ್ಕಳ ಅಭಿವೃದ್ಧಿ ಇಲಾಖೆ ಉಪನಿರ್ದೇಶಕರು, ಜಿಲ್ಲಾ ಆಯುಷ್ ಅಧಿಕಾರಿ ತಬೀಬಾ ಭಾನು, ತಾಲೂಕು ಮಟ್ಟದ ಅಧಿಕಾರಿಗಳು ಹಾಗೂ ವರ್ಗದವರು ಉಪಸ್ಥಿತರಿದ್ದರು. ಮನೆ ಮನೆಗೆ ತೆರಳಿ ಮಕ್ಕಳಿಗೆ ಲಸಿಕೆ ಹಾಕಲಾಗುವುದು ಎಂದು ತಿಳಿಸಿದರು.
ನಂದಿಗಾನಹಳ್ಳಿ ಸಂಘದ ಅಧ್ಯಕ್ಷರಾಗಿ ಕೃಷ್ಣಮೂರ್ತಿ
ಚಿಂತಾಮಣಿ ನ ೧೯ ತಾಲೂಕಿನ ನಂದಿಗಾನಹಳ್ಳಿ ಹೋಬಳಿಯ ವ್ಯವಸಾಯ ಸೇವಾ ಸಹಕಾರ ಸಂಘಕ್ಕೆ ಸಚಿವ ಸುಧಾಕರ್ ಬೆಂಬಲಿತ ಅಭ್ಯರ್ಥಿಗಳು ಆಯ್ಕೆಯಾದರು. ಚಿಂತಾಮಣಿ ನ ೧೯ ತಾಲೂಕಿನ ನಂದಿಗಾನಹಳ್ಳಿ ಹೋಬಳಿಯ ವ್ಯವಸಾಯ ಸೇವಾ ಸಹಕಾರ ಸಂಘಕ್ಕೆ ಸಚಿವ ಸುಧಾಕರ್ ಬೆಂಬಲಿತ ಅಭ್ಯರ್ಥಿಗಳು ಆಯ್ಕೆಯಾದರು.
ನಿರ್ದೇಶಕರು ಅವಿರೋಧವಾಗಿ ಆಯ್ಕೆಯಾದರು. ನಿಗದಿತ ಸಂಖ್ಯೆಯ ಸದಸ್ಯರು ಬಿಟ್ಟು ಬೇರೆ ಯಾರು ನಾಮಪತ್ರ ಸಲ್ಲಿಸದ ಕಾರಣ ಚುನಾವಣಾಧಿಕಾರಿ ನವಿತಾ ಅವರು ನಿರ್ದೇಶಕರ ಆಯ್ಕೆ ಘೋಷಿಸಿದರು. ಸಂಸ್ಥೆಯ ಅಧ್ಯಕ್ಷ ಕೆ.ಗುಡಿಯಪ್ಪ ಮತ್ತಿತರರಿದ್ದರು. ಕಾರ್ಯ ನಿರ್ವಹಣಾಧಿಕಾರಿ ಡಾ| ಪ್ರವೀಣ್ ಪಿ. ಬಾಗೇವಾಡಿ ಉಪಸ್ಥಿತರಿದ್ದರು. ನಿರ್ದೇಶಕರು ಅವಿರೋಧವಾಗಿ ಆಯ್ಕೆಯಾದರು. ನಿಗದಿತ ಸಂಖ್ಯೆಯ ಸದಸ್ಯರು ಬಿಟ್ಟು ಬೇರೆ ಯಾರು ನಾಮಪತ್ರ ಸಲ್ಲಿಸದ ಕಾರಣ ಚುನಾವಣಾಧಿಕಾರಿ ನವಿತಾ ಅವರು ನಿರ್ದೇಶಕರ ಆಯ್ಕೆ ಘೋಷಿಸಿದರು. ಸಂಸ್ಥೆಯ ಅಧ್ಯಕ್ಷ ಕೆ.ಗುಡಿಯಪ್ಪ ಮತ್ತಿತರರಿದ್ದರು. ಕಾರ್ಯ ನಿರ್ವಹಣಾಧಿಕಾರಿ ಡಾ| ಪ್ರವೀಣ್ ಪಿ. ಬಾಗೇವಾಡಿ ಉಪಸ್ಥಿತರಿದ್ದರು.
ಸಂಘದ ಅಧ್ಯಕ್ಷರಾಗಿ ಕೃಷ್ಣಮೂರ್ತಿ ಅವರನ್ನು ಅವಿರೋಧವಾಗಿ ಆಯ್ಕೆ ಮಾಡಲಾಯಿತು. ಸದಸ್ಯರು ಅಭಿನಂದನೆ ಸಲ್ಲಿಸಿದರು. ಸಂಘದ ಅಧ್ಯಕ್ಷರಾಗಿ ಕೃಷ್ಣಮೂರ್ತಿ ಅವರನ್ನು ಅವಿರೋಧವಾಗಿ ಆಯ್ಕೆ ಮಾಡಲಾಯಿತು. ಸದಸ್ಯರು ಅಭಿನಂದನೆ ಸಲ್ಲಿಸಿದರು.
ಶಿವಕುಮಾರ್ ನಿಧನ
ಚಿಂತಾಮಣಿ ನ ೧೯ ಅನಾರೋಗ್ಯದಿಂದ ಬಳಲುತ್ತಿದ್ದ ನಗರದ ಗದ್ವಾಲ್ ನಿವಾಸಿ ಶಿವಕುಮಾರ್ ನಿಧನರಾದರು. ಮೃತರು ಪತ್ನಿ, ಮಕ್ಕಳು ಹಾಗೂ ಅಪಾರ ಬಂಧು ಬಳಗವನ್ನು ಅಗಲಿದ್ದಾರೆ. ಅಂತ್ಯಕ್ರಿಯೆ ನಡೆಯಿತು. ಚಿಂತಾಮಣಿ ನ ೧೯ ಅನಾರೋಗ್ಯದಿಂದ ಬಳಲುತ್ತಿದ್ದ ನಗರದ ಗದ್ವಾಲ್ ನಿವಾಸಿ ಶಿವಕುಮಾರ್ ನಿಧನರಾದರು. ಮೃತರು ಪತ್ನಿ, ಮಕ್ಕಳು ಹಾಗೂ ಅಪಾರ ಬಂಧು ಬಳಗವನ್ನು ಅಗಲಿದ್ದಾರೆ. ಅಂತ್ಯಕ್ರಿಯೆ ನಡೆಯಿತು. ಚಿಂತಾಮಣಿ ನ ೧೯ ಅನಾರೋಗ್ಯದಿಂದ ಬಳಲುತ್ತಿದ್ದ ನಗರದ ಗದ್ವಾಲ್ ನಿವಾಸಿ ಶಿವಕುಮಾರ್ ನಿಧನರಾದರು. ಮೃತರು ಪತ್ನಿ, ಮಕ್ಕಳು ಹಾಗೂ ಅಪಾರ ಬಂಧು ಬಳಗವನ್ನು ಅಗಲಿದ್ದಾರೆ. ಅಂತ್ಯಕ್ರಿಯೆ ನಡೆಯಿತು. ಚಿಂತಾಮಣಿ ನ ೧೯ ಅನಾರೋಗ್ಯದಿಂದ ಬಳಲುತ್ತಿದ್ದ ನಗರದ ಗದ್ವಾಲ್ ನಿವಾಸಿ ಶಿವಕುಮಾರ್ ನಿಧನರಾದರು. ಮೃತರು ಪತ್ನಿ, ಮಕ್ಕಳು ಹಾಗೂ ಅಪಾರ ಬಂಧು ಬಳಗವನ್ನು ಅಗಲಿದ್ದಾರೆ. ಅಂತ್ಯಕ್ರಿಯೆ ನಡೆಯಿತು.
ರೈತವಿರೋಧಿ ಕಾಯ್ದೆಗಳ ವಾಪಸ್ ಪಡೆಯಲು ಆಗ್ರಹ
ಬಂಗಾರಪೇಟೆ ನ ೧೯ ರಾಜ್ಯ ರೈತ ಸಂಘದ ವತಿಯಿಂದ ಬ್ಯಾಂಕುಗಳಿಂದ ರೈತರಿಗೆ ಉಂಟಾಗಿರುವ ತೊಂದರೆ ನಿವಾರಿಸಲು ಸರ್ಕಾರ ಮುಂದಾಗಬೇಕೆಂದು ಒತ್ತಾಯಿಸಿ ಕೃಷಿ ರಂಗದ ಉಳಿವು ಮತ್ತು ರೈತರ ಕೃಷಿ ಕೂಲಿಕಾರರ ರಕ್ಷಣೆಗಾಗಿ ಮುಂದಿನ ಹೋರಾಟ ರೂಪಿಸಲು ಹಾಗೂ ಸಂಘಟನೆ ಸಬಲಗೊಳಿಸಲು ಬದ್ದವೆಂದರು. ಮೊದಲು ರೈತರಿಗೆ ಹಣ ಪಾವತಿಸಬೇಕು, ಭೂಮಿ ನೀಡಿದ ರೈತರಿಗೆ ಪರ್ಯಾಯ ಜಮೀನು ನೀಡಬೇಕು ಮತ್ತು ಈ ರಸ್ತೆಯಲ್ಲಿ ಸಂಚರಿಸಲು ಟೋಲ್ ಪಡೆಯಬಾರದು ಎಂದು ಸರ್ಕಾರವನ್ನು ಒತ್ತಾಯಿಸಿದರು. ಕೆಆರ್‌ಪಿಎಸ್ ತಾಲೂಕಾಧ್ಯಕ್ಷ ಪಿ.ಶ್ರೀನಿವಾಸ್ ಮಾತನಾಡಿ ರಾಜ್ಯ ಸರ್ಕಾರ ಗ್ಯಾರಂಟಿ ಯೋಜನೆಗಳನ್ನು ಜಾರಿ ಮಾಡಿ ಜನಪರವಲ್ಲದ ಕಾರ್ಯಗಳನ್ನು ಕೈಬಿಡಬೇಕೆಂದು ಹೇಳಿದರು. ಬಂಗಾರಪೇಟೆ ನ ೧೯ ರಾಜ್ಯ ರೈತ ಸಂಘದ ವತಿಯಿಂದ ಬ್ಯಾಂಕುಗಳಿಂದ ರೈತರಿಗೆ ಉಂಟಾಗಿರುವ ತೊಂದರೆ ನಿವಾರಿಸಲು ಸರ್ಕಾರ ಮುಂದಾಗಬೇಕೆಂದು ಒತ್ತಾಯಿಸಿ ಕೃಷಿ ರಂಗದ ಉಳಿವು ಮತ್ತು ರೈತರ ಕೃಷಿ ಕೂಲಿಕಾರರ ರಕ್ಷಣೆಗಾಗಿ ಮುಂದಿನ ಹೋರಾಟ ರೂಪಿಸಲು ಹಾಗೂ ಸಂಘಟನೆ ಸಬಲಗೊಳಿಸಲು ಬದ್ದವೆಂದರು. ಮೊದಲು ರೈತರಿಗೆ ಹಣ ಪಾವತಿಸಬೇಕು, ಭೂಮಿ ನೀಡಿದ ರೈತರಿಗೆ ಪರ್ಯಾಯ ಜಮೀನು ನೀಡಬೇಕು ಮತ್ತು ಈ ರಸ್ತೆಯಲ್ಲಿ ಸಂಚರಿಸಲು ಟೋಲ್ ಪಡೆಯಬಾರದು ಎಂದು ಸರ್ಕಾರವನ್ನು ಒತ್ತಾಯಿಸಿದರು. ಕೆಆರ್‌ಪಿಎಸ್ ತಾಲೂಕಾಧ್ಯಕ್ಷ ಪಿ.ಶ್ರೀನಿವಾಸ್ ಮಾತನಾಡಿ ರಾಜ್ಯ ಸರ್ಕಾರ ಗ್ಯಾರಂಟಿ ಯೋಜನೆಗಳನ್ನು ಜಾರಿ ಮಾಡಿ ಜನಪರವಲ್ಲದ ಕಾರ್ಯಗಳನ್ನು ಕೈಬಿಡಬೇಕೆಂದು ಹೇಳಿದರು.
ಕೆಪಿಆರ್‌ಎಸ್ ಜಿಲ್ಲಾಧ್ಯಕ್ಷ ಟಿ.ಎಂ.ವೆಂಕಟೇಶ್ ಇದ್ದರು. ಕುಮುದ ಇತರರು ಉಪಸ್ಥಿತರು. ಸರ್ಕಾರ ಎರಡೂ ಕಾಯ್ದೆಗಳನ್ನು ವಾಪಸ್ ಪಡೆಯಬೇಕೆಂದು ಆಗ್ರಹಿಸಿದರು. ಕೆಪಿಆರ್‌ಎಸ್ ಜಿಲ್ಲಾಧ್ಯಕ್ಷ ಟಿ.ಎಂ.ವೆಂಕಟೇಶ್ ಇದ್ದರು. ಕುಮುದ ಇತರರು ಉಪಸ್ಥಿತರು. ಸರ್ಕಾರ ಎರಡೂ ಕಾಯ್ದೆಗಳನ್ನು ವಾಪಸ್ ಪಡೆಯಬೇಕೆಂದು ಆಗ್ರಹಿಸಿದರು.
ಆಂಬುಲೆನ್ಸ್ ದರ ಪರಿಷ್ಕರಿಸಲು ಮನವಿ
ಕೋಲಾರ ನ ೧೯- ಆಂಬುಲೆನ್ಸ್ ವಾಹನಗಳ ನಿಲುಗಡೆಗಾಗಿ ನಗರದ ಕೆಲವು ಕಡೆ ಸ್ಥಳ ನಿಗದಿಪಡಿಸಬೇಕು ಹಾಗೂ ಪ್ರಸ್ತುತ ದರ ಸರಿಹೊಂದದ ಕಾರಣ ದರ ಪರಿಷ್ಕರಿಸಬೇಕು ಎಂದು ಆಂಬುಲೆನ್ಸ್ ಚಾಲಕರು ಮನವಿ ಸಲ್ಲಿಸಿದರು. ಕೋಲಾರ ನ ೧೯- ಆಂಬುಲೆನ್ಸ್ ವಾಹನಗಳ ನಿಲುಗಡೆಗಾಗಿ ನಗರದ ಕೆಲವು ಕಡೆ ಸ್ಥಳ ನಿಗದಿಪಡಿಸಬೇಕು ಹಾಗೂ ಪ್ರಸ್ತುತ ದರ ಸರಿಹೊಂದದ ಕಾರಣ ದರ ಪರಿಷ್ಕರಿಸಬೇಕು ಎಂದು ಆಂಬುಲೆನ್ಸ್ ಚಾಲಕರು ಮನವಿ ಸಲ್ಲಿಸಿದರು.
ಈ ವೇಳೆ ಮಾತನಾಡಿದ ಚಾಲಕರು, ಇಂಧನ ದರ ಏರಿಕೆಯಿಂದ ನಿರ್ವಹಣೆ ಕಷ್ಟವಾಗಿದೆ, ನಗರದ ಆಸ್ಪತ್ರೆಗಳ ಬಳಿ ನಿಲುಗಡೆಗೆ ಸ್ಥಳವಿಲ್ಲದೆ ತೊಂದರೆಯಾಗುತ್ತಿದೆ ಎಂದು ಅಳಲು ತೋಡಿಕೊಂಡರು. ಮನವಿ ಸ್ವೀಕರಿಸಿದ ಜಿಲ್ಲಾಡಳಿತದ ಅಧಿಕಾರಿಗಳು ಸೂಕ್ತ ಕ್ರಮದ ಭರವಸೆ ನೀಡಿದರು. ಸರ್ಕಾರದ ಆದೇಶದಂತೆ ದರ ನಿಗದಿಯಾಗಬೇಕು, ಚಾಲಕರ ಹಿತ ಕಾಯಬೇಕೆಂದು ಒತ್ತಾಯಿಸಿದರು. ಸಂಘದ ಪದಾಧಿಕಾರಿಗಳು ಹಾಗೂ ಚಾಲಕರು ಉಪಸ್ಥಿತರಿದ್ದರು. ಈ ವೇಳೆ ಮಾತನಾಡಿದ ಚಾಲಕರು, ಇಂಧನ ದರ ಏರಿಕೆಯಿಂದ ನಿರ್ವಹಣೆ ಕಷ್ಟವಾಗಿದೆ, ನಗರದ ಆಸ್ಪತ್ರೆಗಳ ಬಳಿ ನಿಲುಗಡೆಗೆ ಸ್ಥಳವಿಲ್ಲದೆ ತೊಂದರೆಯಾಗುತ್ತಿದೆ ಎಂದು ಅಳಲು ತೋಡಿಕೊಂಡರು. ಮನವಿ ಸ್ವೀಕರಿಸಿದ ಜಿಲ್ಲಾಡಳಿತದ ಅಧಿಕಾರಿಗಳು ಸೂಕ್ತ ಕ್ರಮದ ಭರವಸೆ ನೀಡಿದರು. ಸರ್ಕಾರದ ಆದೇಶದಂತೆ ದರ ನಿಗದಿಯಾಗಬೇಕು, ಚಾಲಕರ ಹಿತ ಕಾಯಬೇಕೆಂದು ಒತ್ತಾಯಿಸಿದರು. ಸಂಘದ ಪದಾಧಿಕಾರಿಗಳು ಹಾಗೂ ಚಾಲಕರು ಉಪಸ್ಥಿತರಿದ್ದರು. ಈ ವೇಳೆ ಮಾತನಾಡಿದ ಚಾಲಕರು, ಇಂಧನ ದರ ಏರಿಕೆಯಿಂದ ನಿರ್ವಹಣೆ ಕಷ್ಟವಾಗಿದೆ, ನಗರದ ಆಸ್ಪತ್ರೆಗಳ ಬಳಿ ನಿಲುಗಡೆಗೆ ಸ್ಥಳವಿಲ್ಲದೆ ತೊಂದರೆಯಾಗುತ್ತಿದೆ ಎಂದು ಅಳಲು ತೋಡಿಕೊಂಡರು. ಮನವಿ ಸ್ವೀಕರಿಸಿದ ಜಿಲ್ಲಾಡಳಿತದ ಅಧಿಕಾರಿಗಳು ಸೂಕ್ತ ಕ್ರಮದ ಭರವಸೆ ನೀಡಿದರು. ಸರ್ಕಾರದ ಆದೇಶದಂತೆ ದರ ನಿಗದಿಯಾಗಬೇಕು, ಚಾಲಕರ ಹಿತ ಕಾಯಬೇಕೆಂದು ಒತ್ತಾಯಿಸಿದರು. ಸಂಘದ ಪದಾಧಿಕಾರಿಗಳು ಹಾಗೂ ಚಾಲಕರು ಉಪಸ್ಥಿತರಿದ್ದರು.	ಕೋಲಾರ ಪತ್ರಿಕೆ ಸುವರ್ಣ ಸಂಭ್ರಮ
ವಿಶೇಷಾಂಕ
ಕೋಲಾರ ಪತ್ರಿಕೆಯ ಓದುಗ ಅಭಿಮಾನಿಗಳಿಗೆ ಸುವರ್ಣ ಅವಕಾಶ!!
ಶುಭಾಶಯ ಜಾಹಿರಾತು ನೀಡಲು ತ್ವರೆ ಮಾಡಿ!!
ಹೆಚ್ಚಿನ ವಿವರಗಳಿಗೆ ಕೋಲಾರ ಪತ್ರಿಕೆ ಕಾರ್ಯಾಲಯದಲ್ಲಿ ಬೆಳಿಗ್ಗೆ ಹನ್ನೊಂದರಿಂದ ಮಧ್ಯಾಹ್ನ ಮೂರು ಘಂಟೆಯ ಅವಧಿಯಲ್ಲಿ ಖುದ್ದಾಗಿ ಸಂಪರ್ಕಿಸಿ.
— ಪ್ರಸರಣಾಧಿಕಾರಿ
